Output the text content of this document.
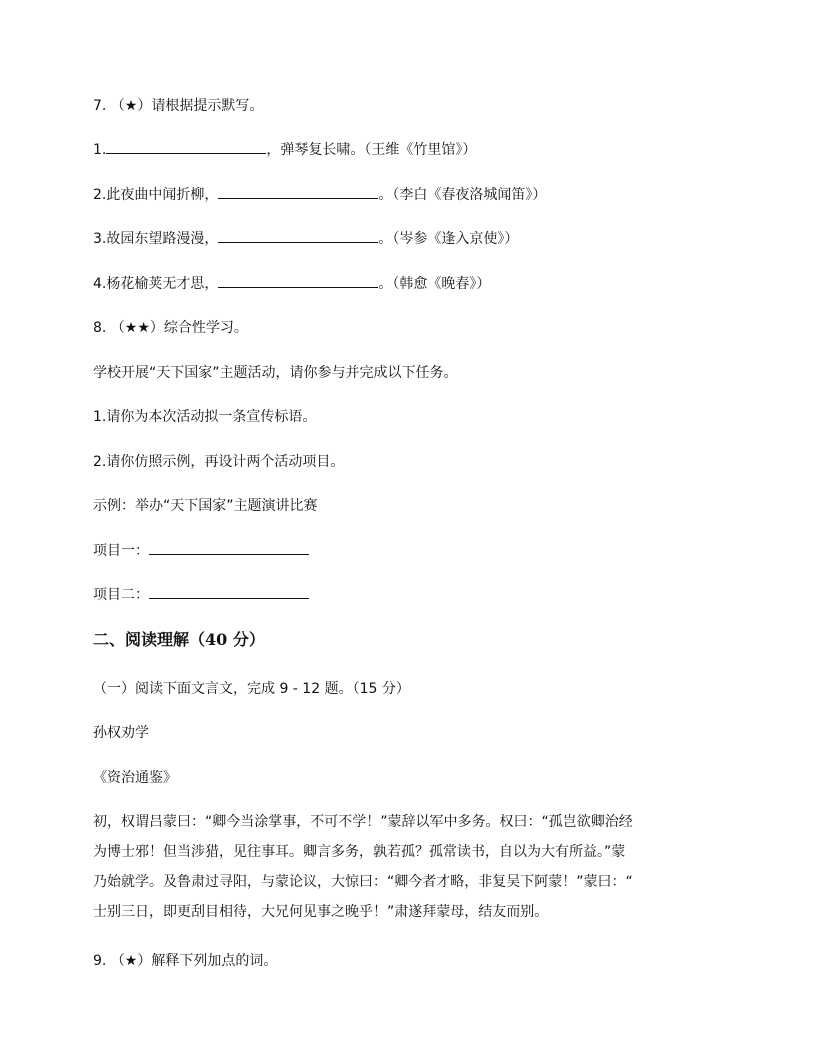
7. （★）请根据提示默写。
1.	，弹琴复长啸。（王维《竹里馆》）
2.此夜曲中闻折柳，	。（李白《春夜洛城闻笛》）
3.故园东望路漫漫，	。（岑参《逢入京使》）
4.杨花榆荚无才思，	。（韩愈《晚春》）
8. （★★）综合性学习。
学校开展“天下国家”主题活动，请你参与并完成以下任务。
1.请你为本次活动拟一条宣传标语。
2.请你仿照示例，再设计两个活动项目。
示例：举办“天下国家”主题演讲比赛
项目一：
项目二：
二、阅读理解（40 分）
（一）阅读下面文言文，完成 9 - 12 题。（15 分）
孙权劝学
《资治通鉴》
初，权谓吕蒙曰：“卿今当涂掌事，不可不学！”蒙辞以军中多务。权曰：“孤岂欲卿治经
为博士邪！但当涉猎，见往事耳。卿言多务，孰若孤？孤常读书，自以为大有所益。”蒙
乃始就学。及鲁肃过寻阳，与蒙论议，大惊曰：“卿今者才略，非复吴下阿蒙！”蒙曰：“
士别三日，即更刮目相待，大兄何见事之晚乎！”肃遂拜蒙母，结友而别。
9. （★）解释下列加点的词。
